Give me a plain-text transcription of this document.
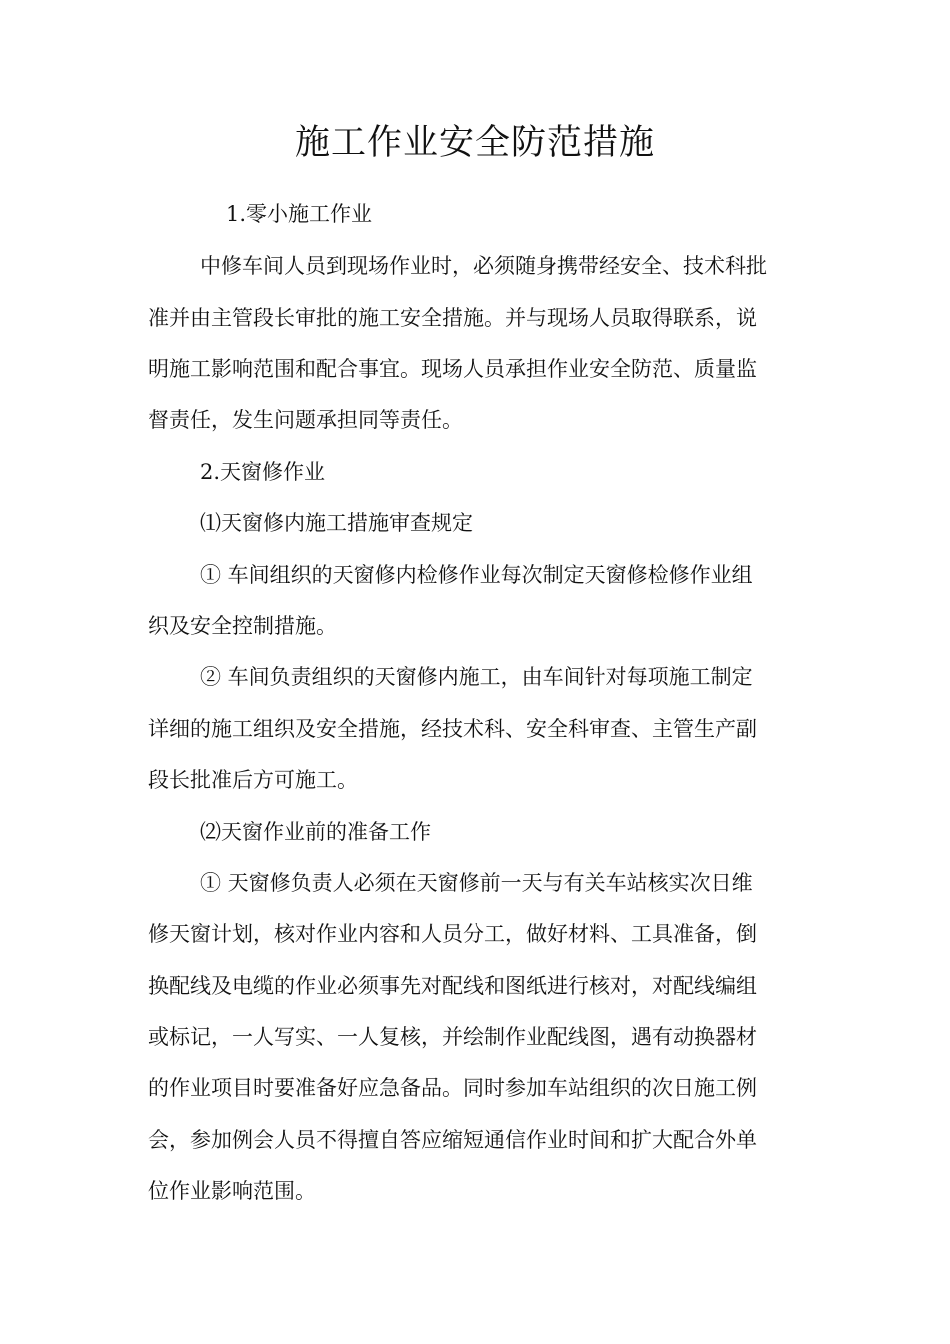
施工作业安全防范措施
1.零小施工作业
中修车间人员到现场作业时，必须随身携带经安全、技术科批
准并由主管段长审批的施工安全措施。并与现场人员取得联系，说
明施工影响范围和配合事宜。现场人员承担作业安全防范、质量监
督责任，发生问题承担同等责任。
2.天窗修作业
⑴天窗修内施工措施审查规定
① 车间组织的天窗修内检修作业每次制定天窗修检修作业组
织及安全控制措施。
② 车间负责组织的天窗修内施工，由车间针对每项施工制定
详细的施工组织及安全措施，经技术科、安全科审查、主管生产副
段长批准后方可施工。
⑵天窗作业前的准备工作
① 天窗修负责人必须在天窗修前一天与有关车站核实次日维
修天窗计划，核对作业内容和人员分工，做好材料、工具准备，倒
换配线及电缆的作业必须事先对配线和图纸进行核对，对配线编组
或标记，一人写实、一人复核，并绘制作业配线图，遇有动换器材
的作业项目时要准备好应急备品。同时参加车站组织的次日施工例
会，参加例会人员不得擅自答应缩短通信作业时间和扩大配合外单
位作业影响范围。
